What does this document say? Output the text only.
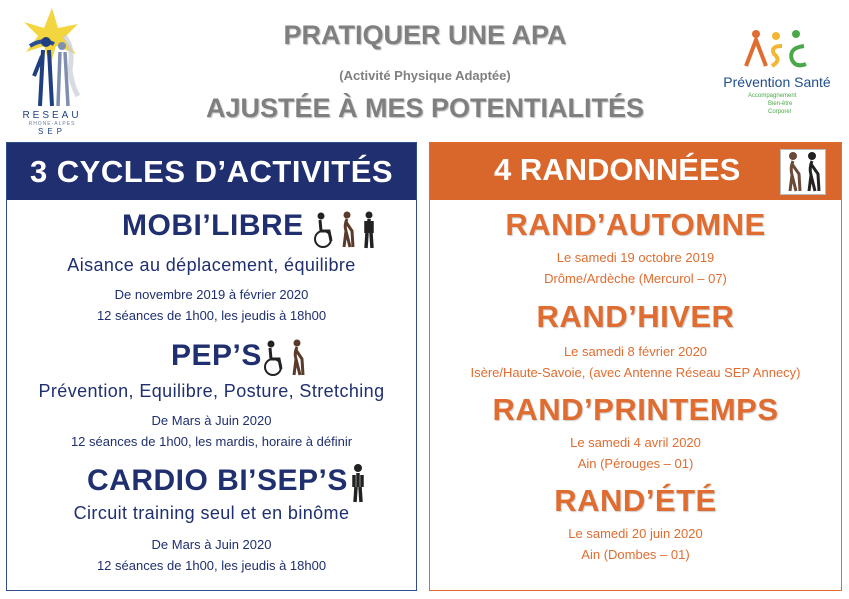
RESEAU
RHONE-ALPES
SEP
PRATIQUER UNE APA
(Activité Physique Adaptée)
AJUSTÉE À MES POTENTIALITÉS
Prévention Santé
Accompagnement
Bien-être
Corporel
3 CYCLES D’ACTIVITÉS
MOBI’LIBRE
Aisance au déplacement, équilibre
De novembre 2019 à février 2020
12 séances de 1h00, les jeudis à 18h00
PEP’S
Prévention, Equilibre, Posture, Stretching
De Mars à Juin 2020
12 séances de 1h00, les mardis, horaire à définir
CARDIO BI’SEP’S
Circuit training seul et en binôme
De Mars à Juin 2020
12 séances de 1h00, les jeudis à 18h00
4 RANDONNÉES
RAND’AUTOMNE
Le samedi 19 octobre 2019
Drôme/Ardèche (Mercurol – 07)
RAND’HIVER
Le samedi 8 février 2020
Isère/Haute-Savoie, (avec Antenne Réseau SEP Annecy)
RAND’PRINTEMPS
Le samedi 4 avril 2020
Ain (Pérouges – 01)
RAND’ÉTÉ
Le samedi 20 juin 2020
Ain (Dombes – 01)
